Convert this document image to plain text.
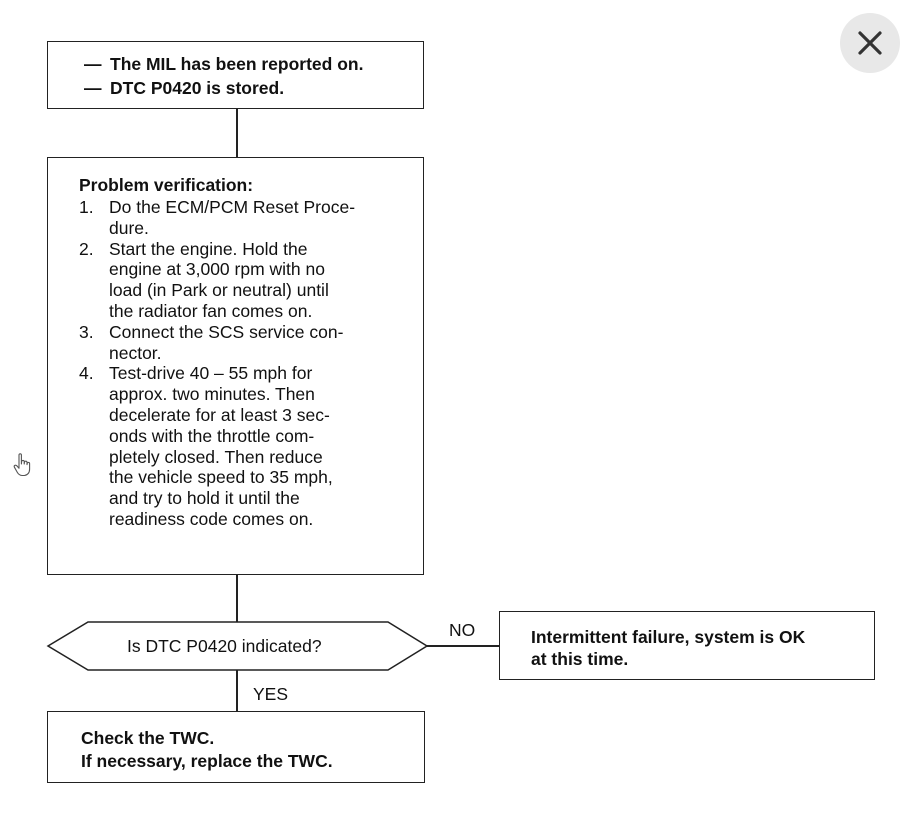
— The MIL has been reported on.
— DTC P0420 is stored.
Problem verification:
1. Do the ECM/PCM Reset Proce-
dure.
2. Start the engine. Hold the
engine at 3,000 rpm with no
load (in Park or neutral) until
the radiator fan comes on.
3. Connect the SCS service con-
nector.
4. Test-drive 40 – 55 mph for
approx. two minutes. Then
decelerate for at least 3 sec-
onds with the throttle com-
pletely closed. Then reduce
the vehicle speed to 35 mph,
and try to hold it until the
readiness code comes on.
Is DTC P0420 indicated?
NO
YES
Intermittent failure, system is OK
at this time.
Check the TWC.
If necessary, replace the TWC.
